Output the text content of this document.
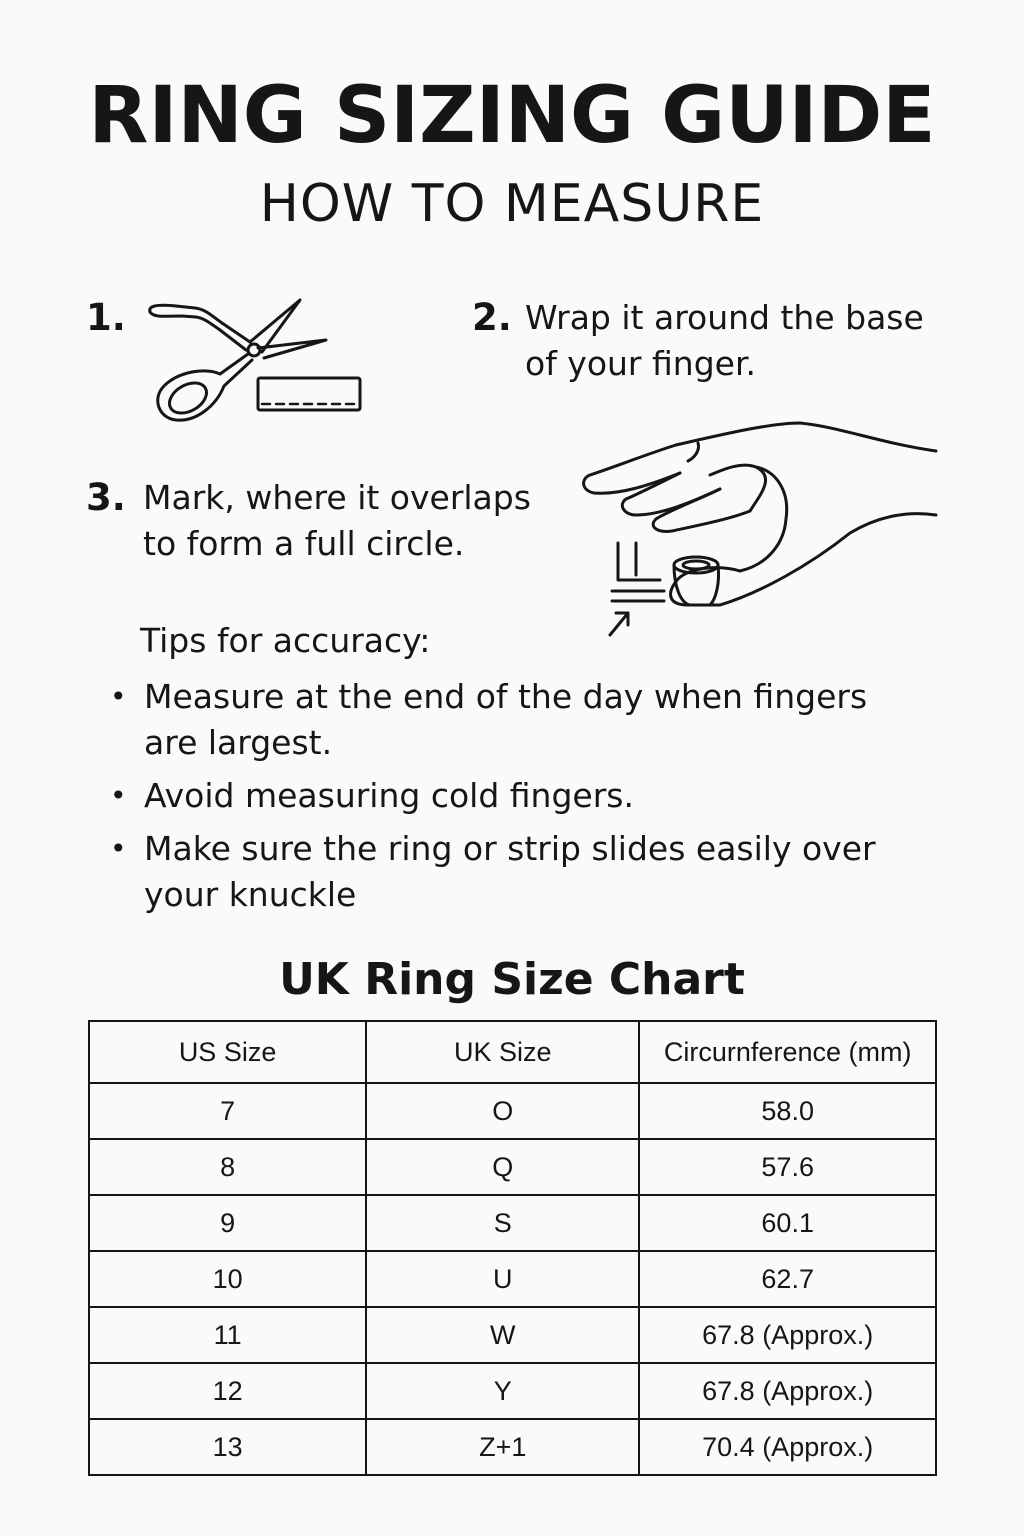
RING SIZING GUIDE
HOW TO MEASURE
1.	2. Wrap it around the base
of your finger.
3. Mark, where it overlaps
to form a full circle.
Tips for accuracy:
• Measure at the end of the day when fingers
are largest.
• Avoid measuring cold fingers.
• Make sure the ring or strip slides easily over
your knuckle
UK Ring Size Chart
US Size	UK Size	Circurnference (mm)
7	O	58.0
8	Q	57.6
9	S	60.1
10	U	62.7
11	W	67.8 (Approx.)
12	Y	67.8 (Approx.)
13	Z+1	70.4 (Approx.)
